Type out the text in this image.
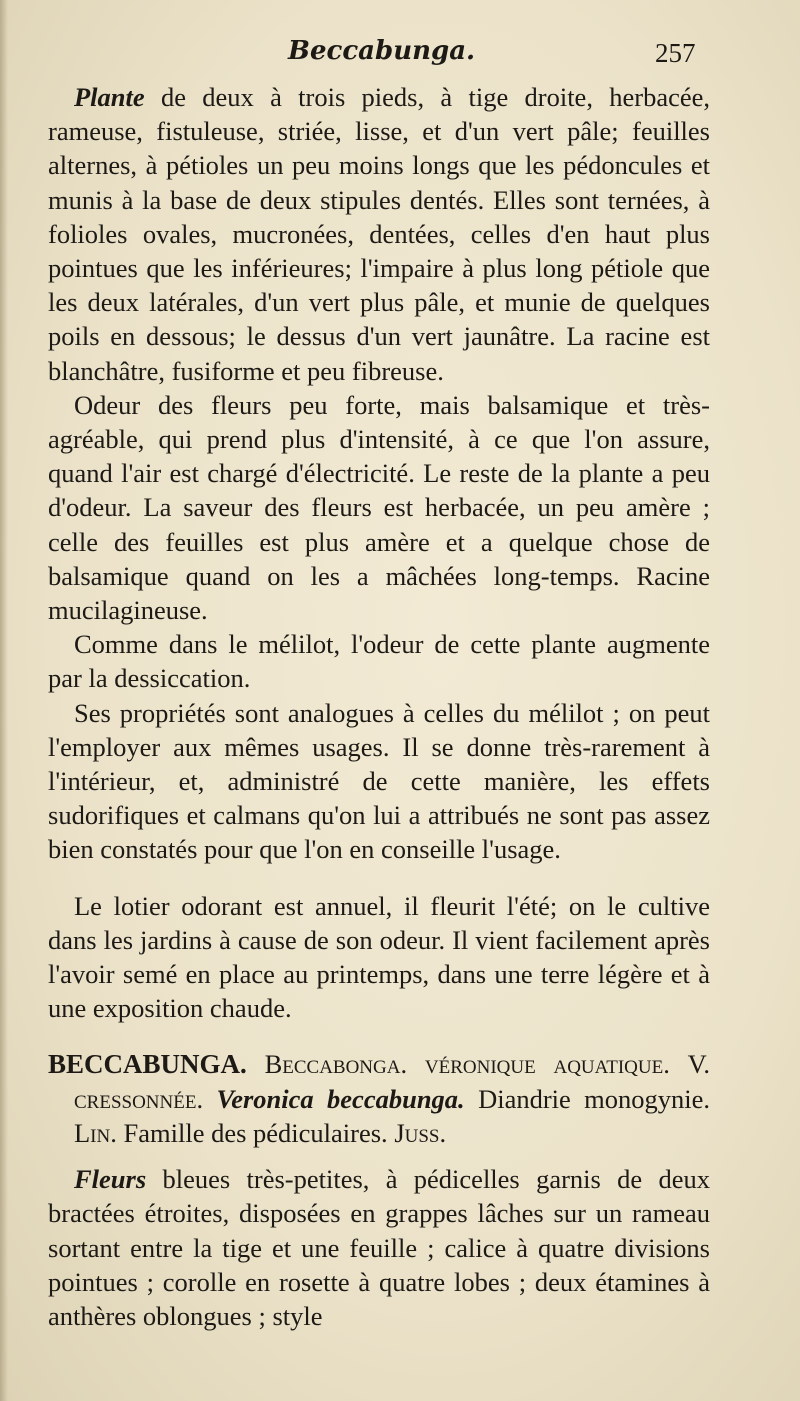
Beccabunga.	257

Plante de deux à trois pieds, à tige droite, herbacée, rameuse, fistuleuse, striée, lisse, et d'un vert pâle; feuilles alternes, à pétioles un peu moins longs que les pédoncules et munis à la base de deux stipules dentés. Elles sont ternées, à folioles ovales, mucronées, dentées, celles d'en haut plus pointues que les inférieures; l'impaire à plus long pétiole que les deux latérales, d'un vert plus pâle, et munie de quelques poils en dessous; le dessus d'un vert jaunâtre. La racine est blanchâtre, fusiforme et peu fibreuse.

Odeur des fleurs peu forte, mais balsamique et très-agréable, qui prend plus d'intensité, à ce que l'on assure, quand l'air est chargé d'électricité. Le reste de la plante a peu d'odeur. La saveur des fleurs est herbacée, un peu amère ; celle des feuilles est plus amère et a quelque chose de balsamique quand on les a mâchées long-temps. Racine mucilagineuse.

Comme dans le mélilot, l'odeur de cette plante augmente par la dessiccation.

Ses propriétés sont analogues à celles du mélilot ; on peut l'employer aux mêmes usages. Il se donne très-rarement à l'intérieur, et, administré de cette manière, les effets sudorifiques et calmans qu'on lui a attribués ne sont pas assez bien constatés pour que l'on en conseille l'usage.

Le lotier odorant est annuel, il fleurit l'été; on le cultive dans les jardins à cause de son odeur. Il vient facilement après l'avoir semé en place au printemps, dans une terre légère et à une exposition chaude.

BECCABUNGA. Beccabonga. véronique aquatique. V. cressonnée. Veronica beccabunga. Diandrie monogynie. Lin. Famille des pédiculaires. Juss.

Fleurs bleues très-petites, à pédicelles garnis de deux bractées étroites, disposées en grappes lâches sur un rameau sortant entre la tige et une feuille ; calice à quatre divisions pointues ; corolle en rosette à quatre lobes ; deux étamines à anthères oblongues ; style
